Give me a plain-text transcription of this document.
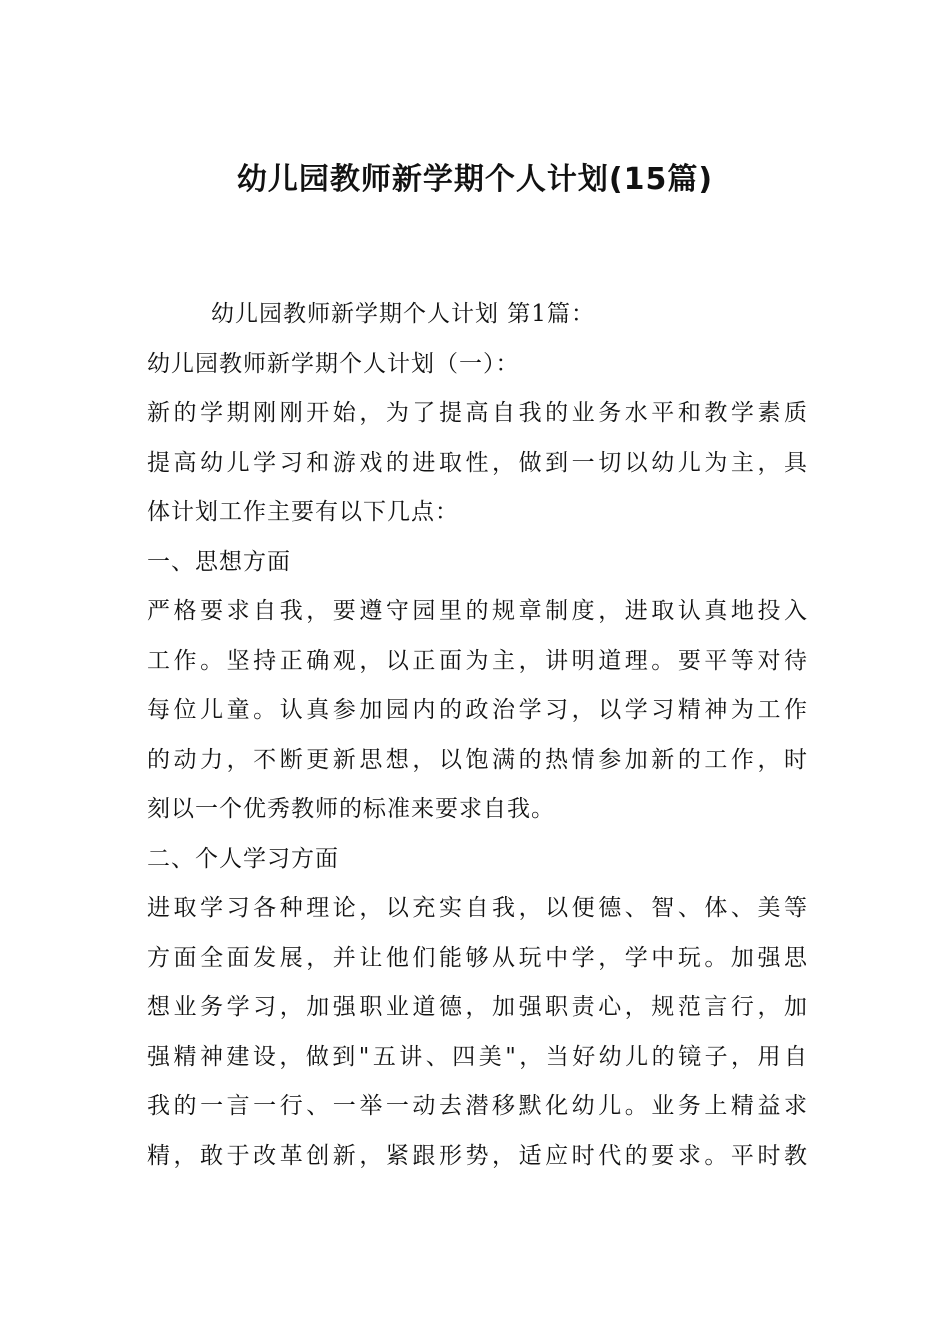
幼儿园教师新学期个人计划(15篇)
幼儿园教师新学期个人计划 第1篇：
幼儿园教师新学期个人计划（一）：
新的学期刚刚开始，为了提高自我的业务水平和教学素质
提高幼儿学习和游戏的进取性，做到一切以幼儿为主，具
体计划工作主要有以下几点：
一、思想方面
严格要求自我，要遵守园里的规章制度，进取认真地投入
工作。坚持正确观，以正面为主，讲明道理。要平等对待
每位儿童。认真参加园内的政治学习，以学习精神为工作
的动力，不断更新思想，以饱满的热情参加新的工作，时
刻以一个优秀教师的标准来要求自我。
二、个人学习方面
进取学习各种理论，以充实自我，以便德、智、体、美等
方面全面发展，并让他们能够从玩中学，学中玩。加强思
想业务学习，加强职业道德，加强职责心，规范言行，加
强精神建设，做到"五讲、四美"，当好幼儿的镜子，用自
我的一言一行、一举一动去潜移默化幼儿。业务上精益求
精，敢于改革创新，紧跟形势，适应时代的要求。平时教
